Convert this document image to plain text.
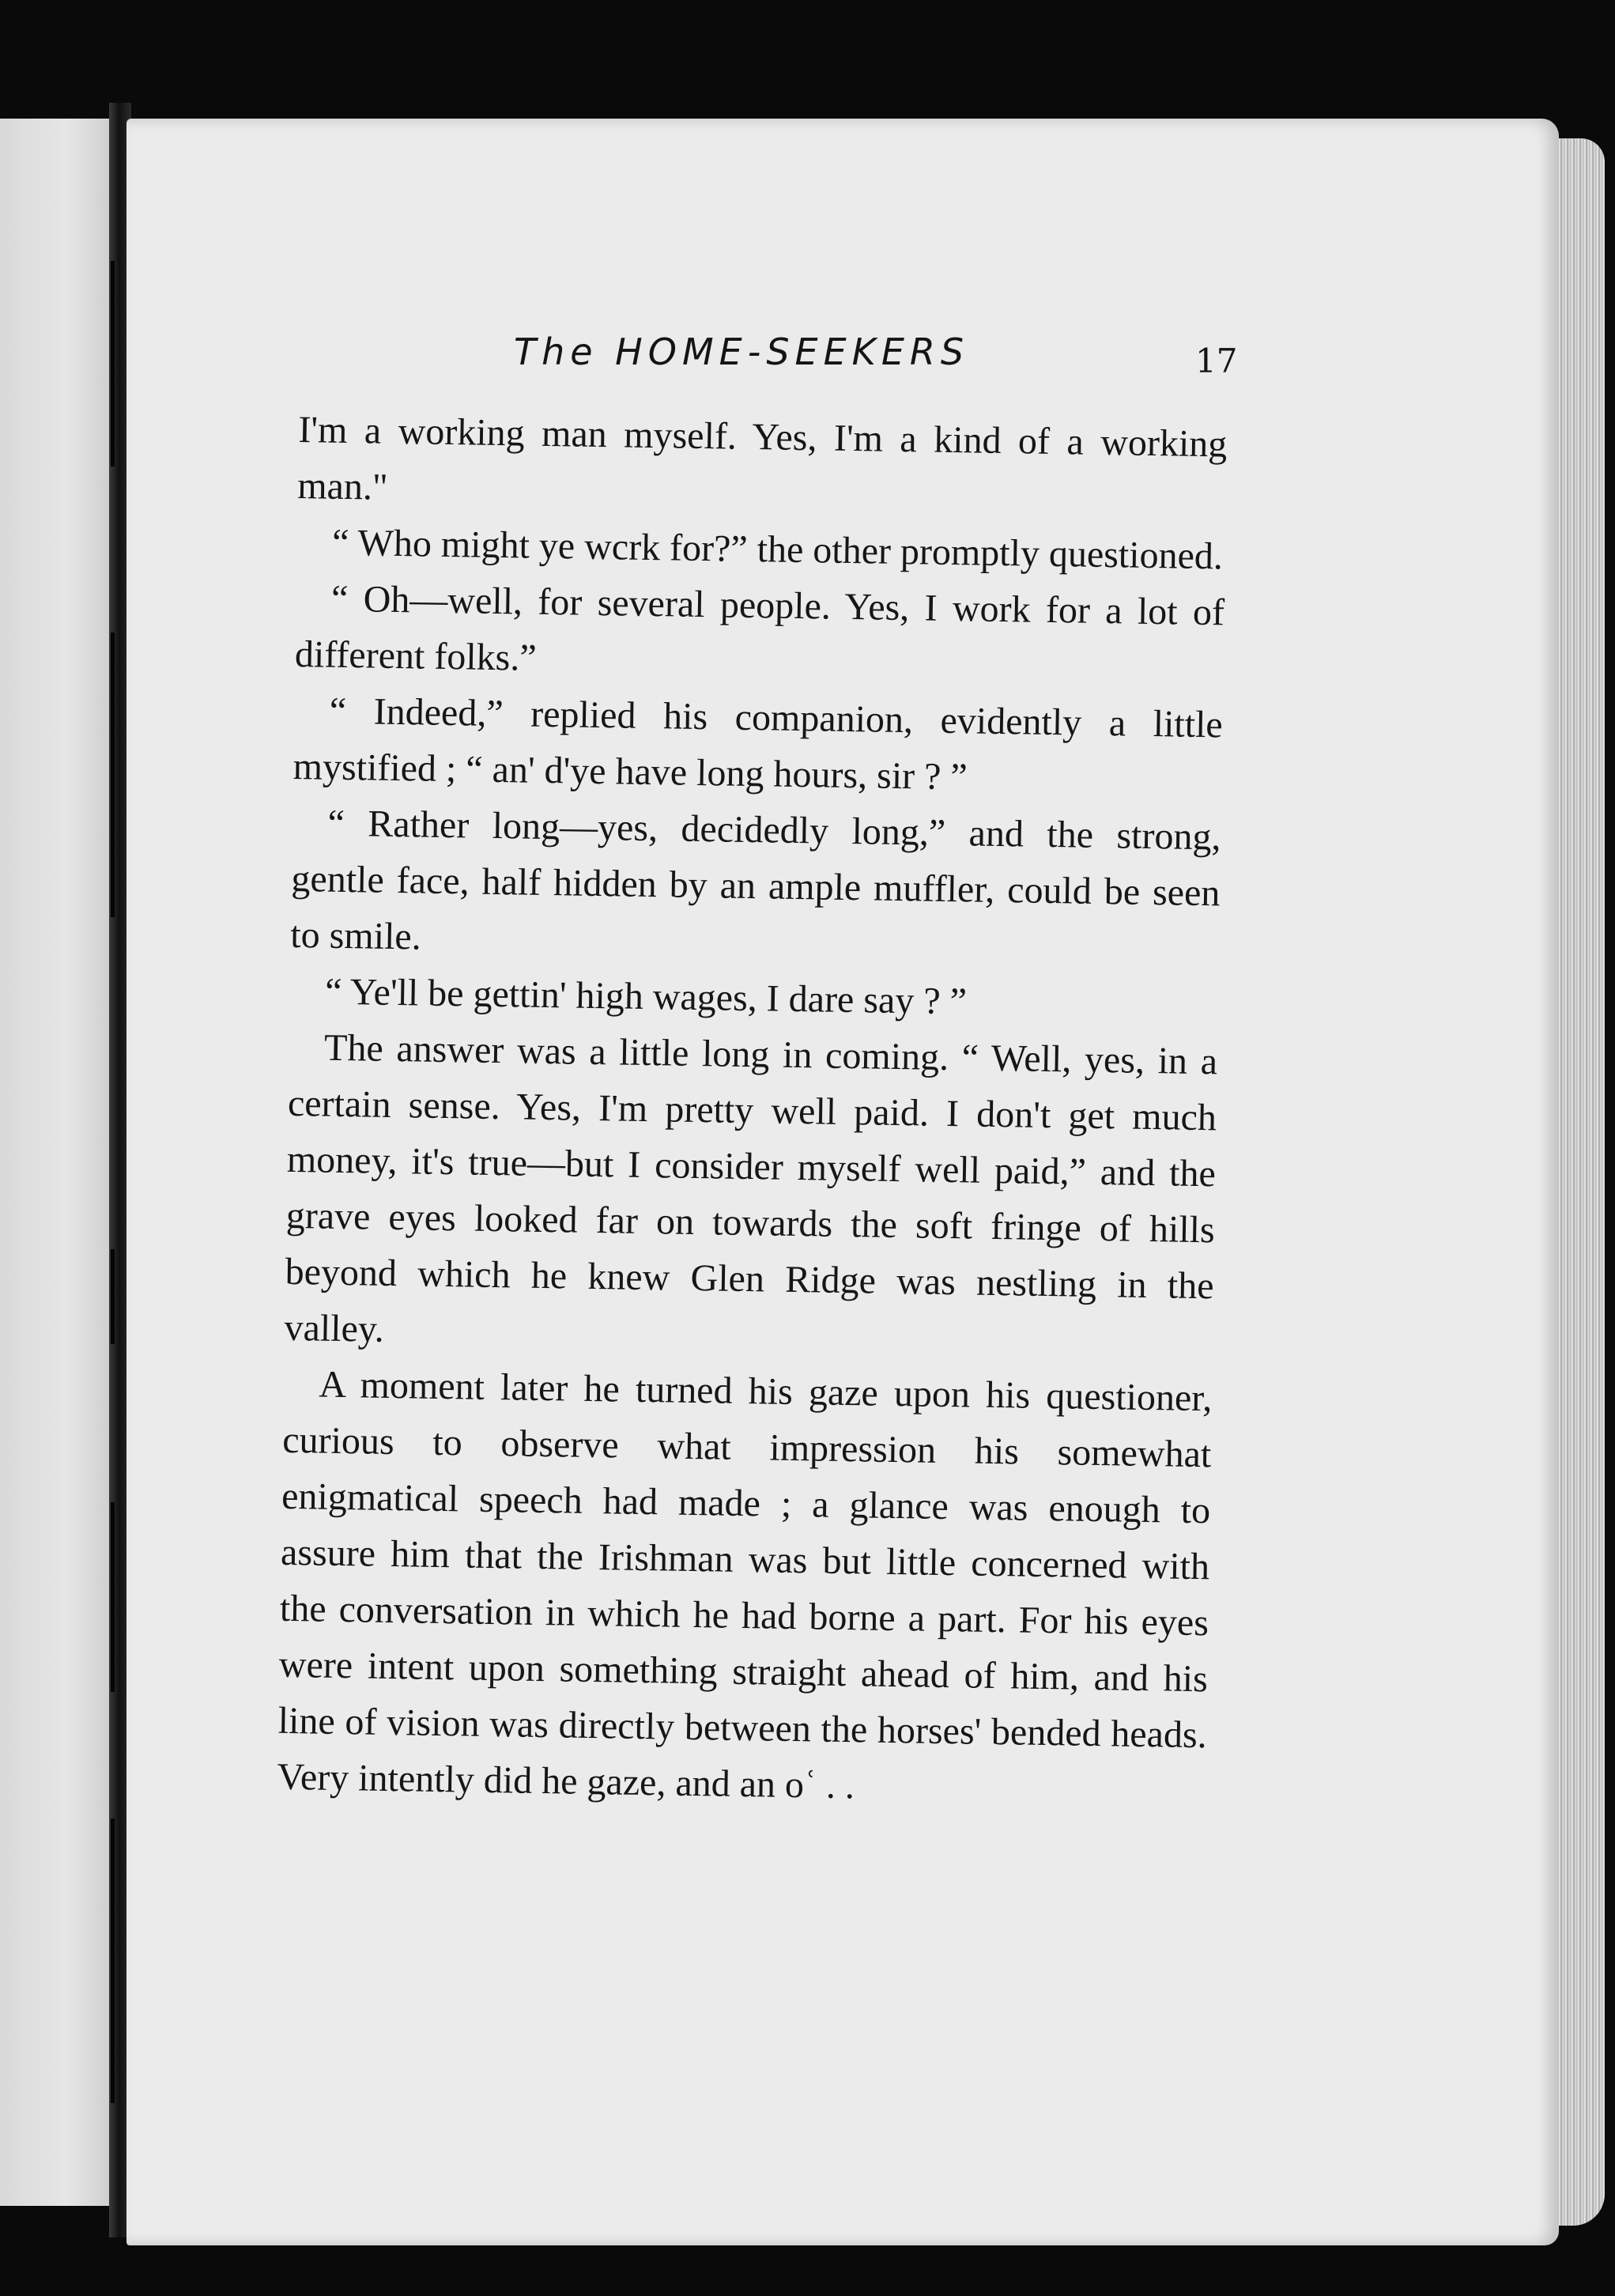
The HOME-SEEKERS	17

I'm a working man myself. Yes, I'm a kind of a working man."

“ Who might ye wcrk for?” the other promptly questioned.

“ Oh—well, for several people. Yes, I work for a lot of different folks.”

“ Indeed,” replied his companion, evidently a little mystified ; “ an' d'ye have long hours, sir ? ”

“ Rather long—yes, decidedly long,” and the strong, gentle face, half hidden by an ample muffler, could be seen to smile.

“ Ye'll be gettin' high wages, I dare say ? ”

The answer was a little long in coming. “ Well, yes, in a certain sense. Yes, I'm pretty well paid. I don't get much money, it's true—but I consider myself well paid,” and the grave eyes looked far on towards the soft fringe of hills beyond which he knew Glen Ridge was nestling in the valley.

A moment later he turned his gaze upon his questioner, curious to observe what impression his somewhat enigmatical speech had made ; a glance was enough to assure him that the Irishman was but little concerned with the conversation in which he had borne a part. For his eyes were intent upon something straight ahead of him, and his line of vision was directly between the horses' bended heads. Very intently did he gaze, and an oʿ . .
